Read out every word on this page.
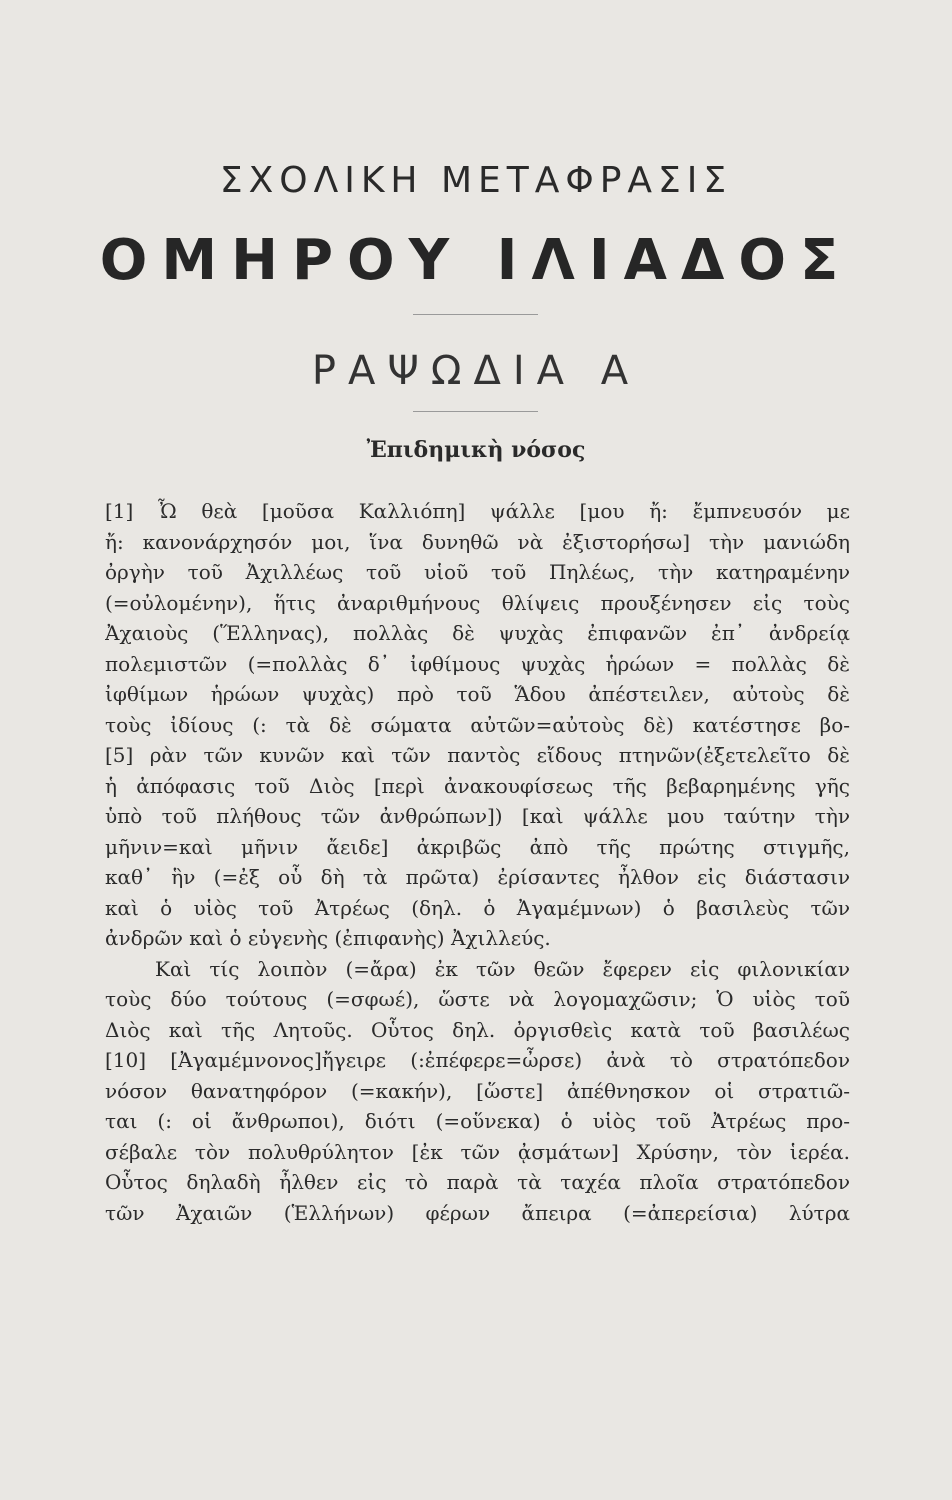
ΣΧΟΛΙΚΗ ΜΕΤΑΦΡΑΣΙΣ
ΟΜΗΡΟΥ ΙΛΙΑΔΟΣ
ΡΑΨΩΔΙΑ Α
Ἐπιδημικὴ νόσος
[1] Ὦ θεὰ [μοῦσα Καλλιόπη] ψάλλε [μου ἤ: ἔμπνευσόν με
ἤ: κανονάρχησόν μοι, ἵνα δυνηθῶ νὰ ἐξιστορήσω] τὴν μανιώδη
ὀργὴν τοῦ Ἀχιλλέως τοῦ υἱοῦ τοῦ Πηλέως, τὴν κατηραμένην
(=οὐλομένην), ἥτις ἀναριθμήνους θλίψεις προυξένησεν εἰς τοὺς
Ἀχαιοὺς (Ἕλληνας), πολλὰς δὲ ψυχὰς ἐπιφανῶν ἐπ᾿ ἀνδρείᾳ
πολεμιστῶν (=πολλὰς δ᾿ ἰφθίμους ψυχὰς ἡρώων = πολλὰς δὲ
ἰφθίμων ἡρώων ψυχὰς) πρὸ τοῦ Ἅδου ἀπέστειλεν, αὐτοὺς δὲ
τοὺς ἰδίους (: τὰ δὲ σώματα αὐτῶν=αὐτοὺς δὲ) κατέστησε βο-
[5] ρὰν τῶν κυνῶν καὶ τῶν παντὸς εἴδους πτηνῶν(ἐξετελεῖτο δὲ
ἡ ἀπόφασις τοῦ Διὸς [περὶ ἀνακουφίσεως τῆς βεβαρημένης γῆς
ὑπὸ τοῦ πλήθους τῶν ἀνθρώπων]) [καὶ ψάλλε μου ταύτην τὴν
μῆνιν=καὶ μῆνιν ἄειδε] ἀκριβῶς ἀπὸ τῆς πρώτης στιγμῆς,
καθ᾿ ἣν (=ἐξ οὗ δὴ τὰ πρῶτα) ἐρίσαντες ἦλθον εἰς διάστασιν
καὶ ὁ υἱὸς τοῦ Ἀτρέως (δηλ. ὁ Ἀγαμέμνων) ὁ βασιλεὺς τῶν
ἀνδρῶν καὶ ὁ εὐγενὴς (ἐπιφανὴς) Ἀχιλλεύς.
Καὶ τίς λοιπὸν (=ἄρα) ἐκ τῶν θεῶν ἔφερεν εἰς φιλονικίαν
τοὺς δύο τούτους (=σφωέ), ὥστε νὰ λογομαχῶσιν; Ὁ υἱὸς τοῦ
Διὸς καὶ τῆς Λητοῦς. Οὗτος δηλ. ὀργισθεὶς κατὰ τοῦ βασιλέως
[10] [Ἀγαμέμνονος]ἤγειρε (:ἐπέφερε=ὦρσε) ἀνὰ τὸ στρατόπεδον
νόσον θανατηφόρον (=κακήν), [ὥστε] ἀπέθνησκον οἱ στρατιῶ-
ται (: οἱ ἄνθρωποι), διότι (=οὕνεκα) ὁ υἱὸς τοῦ Ἀτρέως προ-
σέβαλε τὸν πολυθρύλητον [ἐκ τῶν ᾀσμάτων] Χρύσην, τὸν ἱερέα.
Οὗτος δηλαδὴ ἦλθεν εἰς τὸ παρὰ τὰ ταχέα πλοῖα στρατόπεδον
τῶν Ἀχαιῶν (Ἑλλήνων) φέρων ἄπειρα (=ἀπερείσια) λύτρα
